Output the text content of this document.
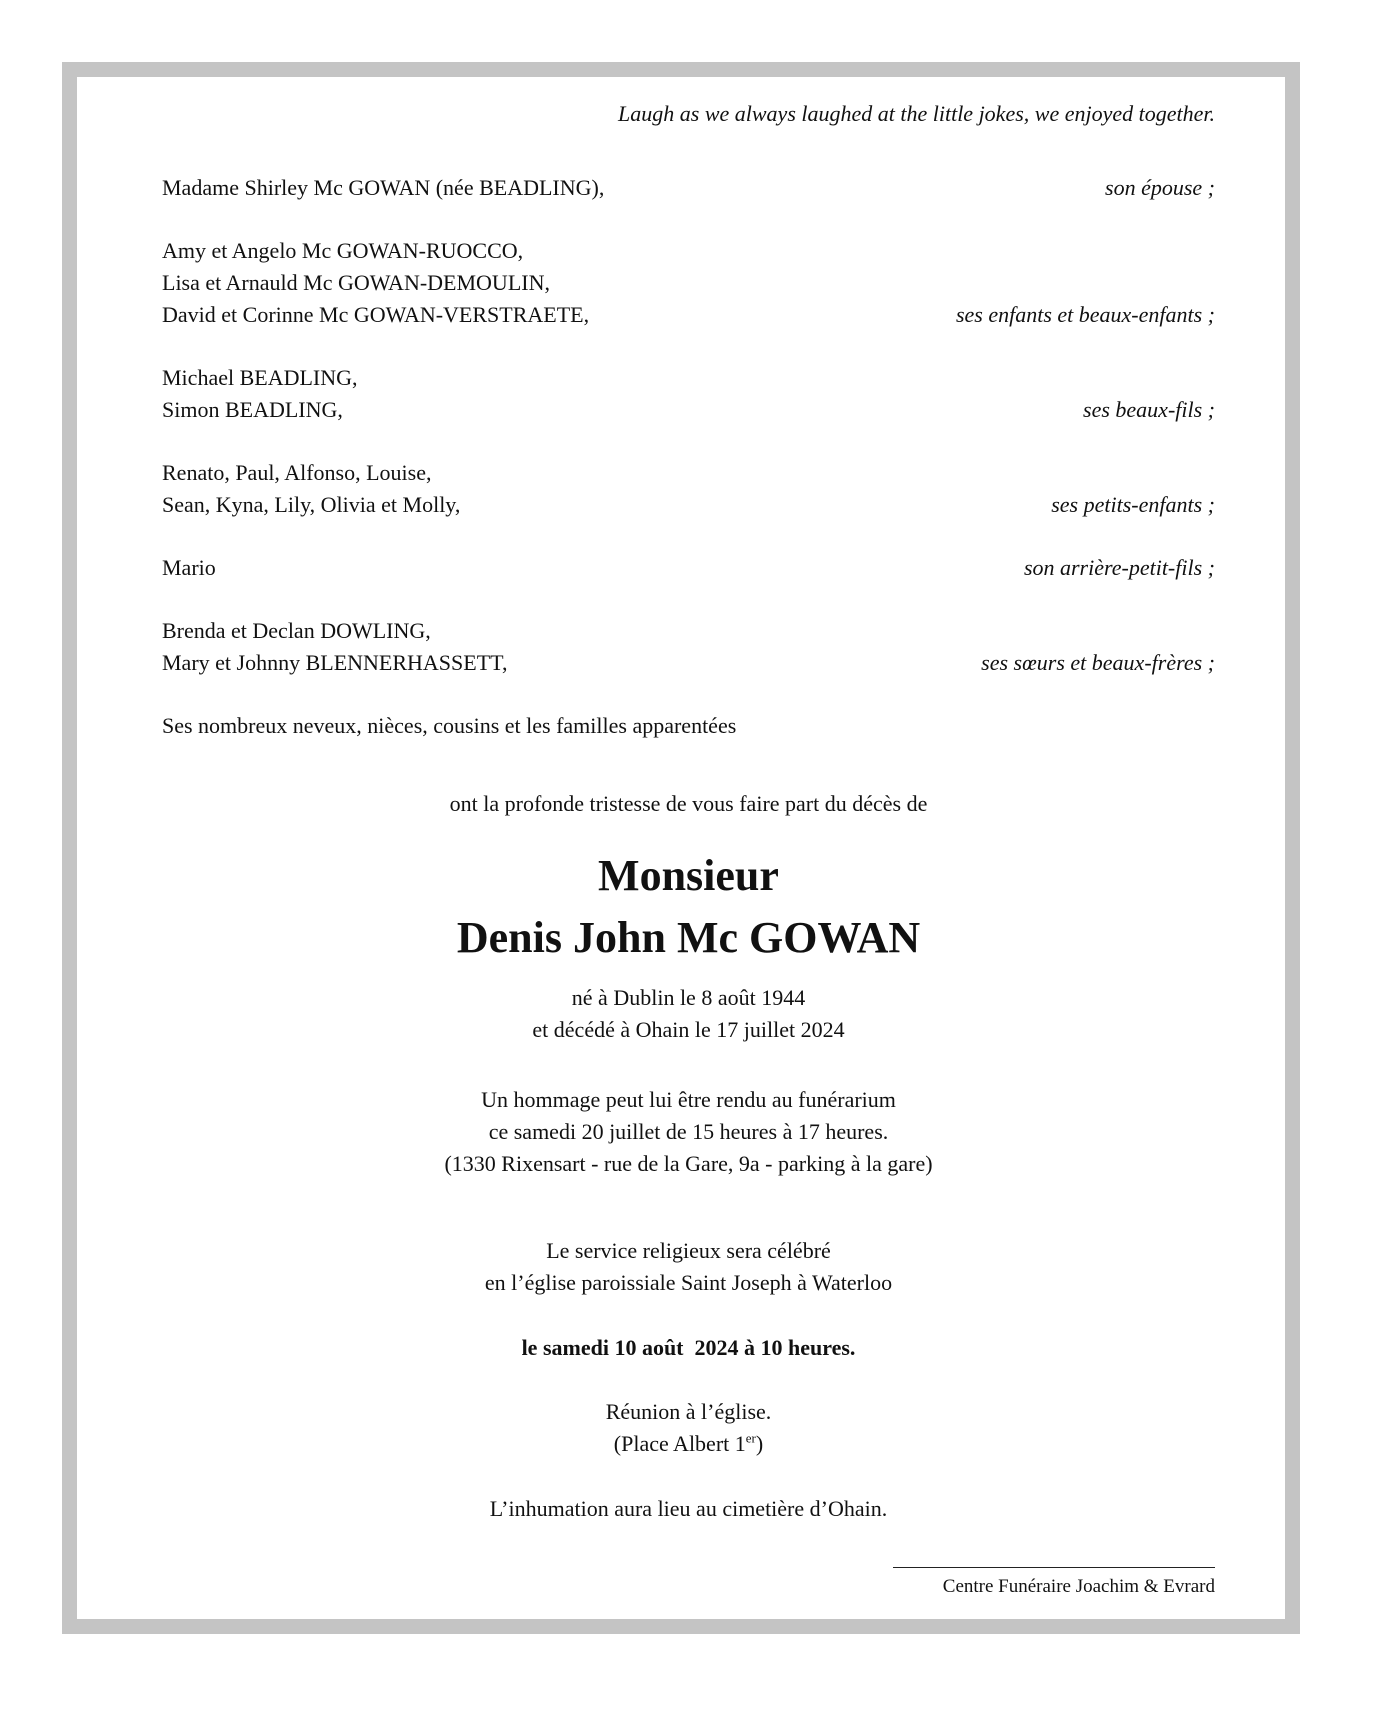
Laugh as we always laughed at the little jokes, we enjoyed together.
Madame Shirley Mc GOWAN (née BEADLING),	son épouse ;
Amy et Angelo Mc GOWAN-RUOCCO,
Lisa et Arnauld Mc GOWAN-DEMOULIN,
David et Corinne Mc GOWAN-VERSTRAETE,	ses enfants et beaux-enfants ;
Michael BEADLING,
Simon BEADLING,	ses beaux-fils ;
Renato, Paul, Alfonso, Louise,
Sean, Kyna, Lily, Olivia et Molly,	ses petits-enfants ;
Mario	son arrière-petit-fils ;
Brenda et Declan DOWLING,
Mary et Johnny BLENNERHASSETT,	ses sœurs et beaux-frères ;
Ses nombreux neveux, nièces, cousins et les familles apparentées
ont la profonde tristesse de vous faire part du décès de
Monsieur
Denis John Mc GOWAN
né à Dublin le 8 août 1944
et décédé à Ohain le 17 juillet 2024
Un hommage peut lui être rendu au funérarium
ce samedi 20 juillet de 15 heures à 17 heures.
(1330 Rixensart - rue de la Gare, 9a - parking à la gare)
Le service religieux sera célébré
en l’église paroissiale Saint Joseph à Waterloo
le samedi 10 août  2024 à 10 heures.
Réunion à l’église.
(Place Albert 1er)
L’inhumation aura lieu au cimetière d’Ohain.
Centre Funéraire Joachim & Evrard
